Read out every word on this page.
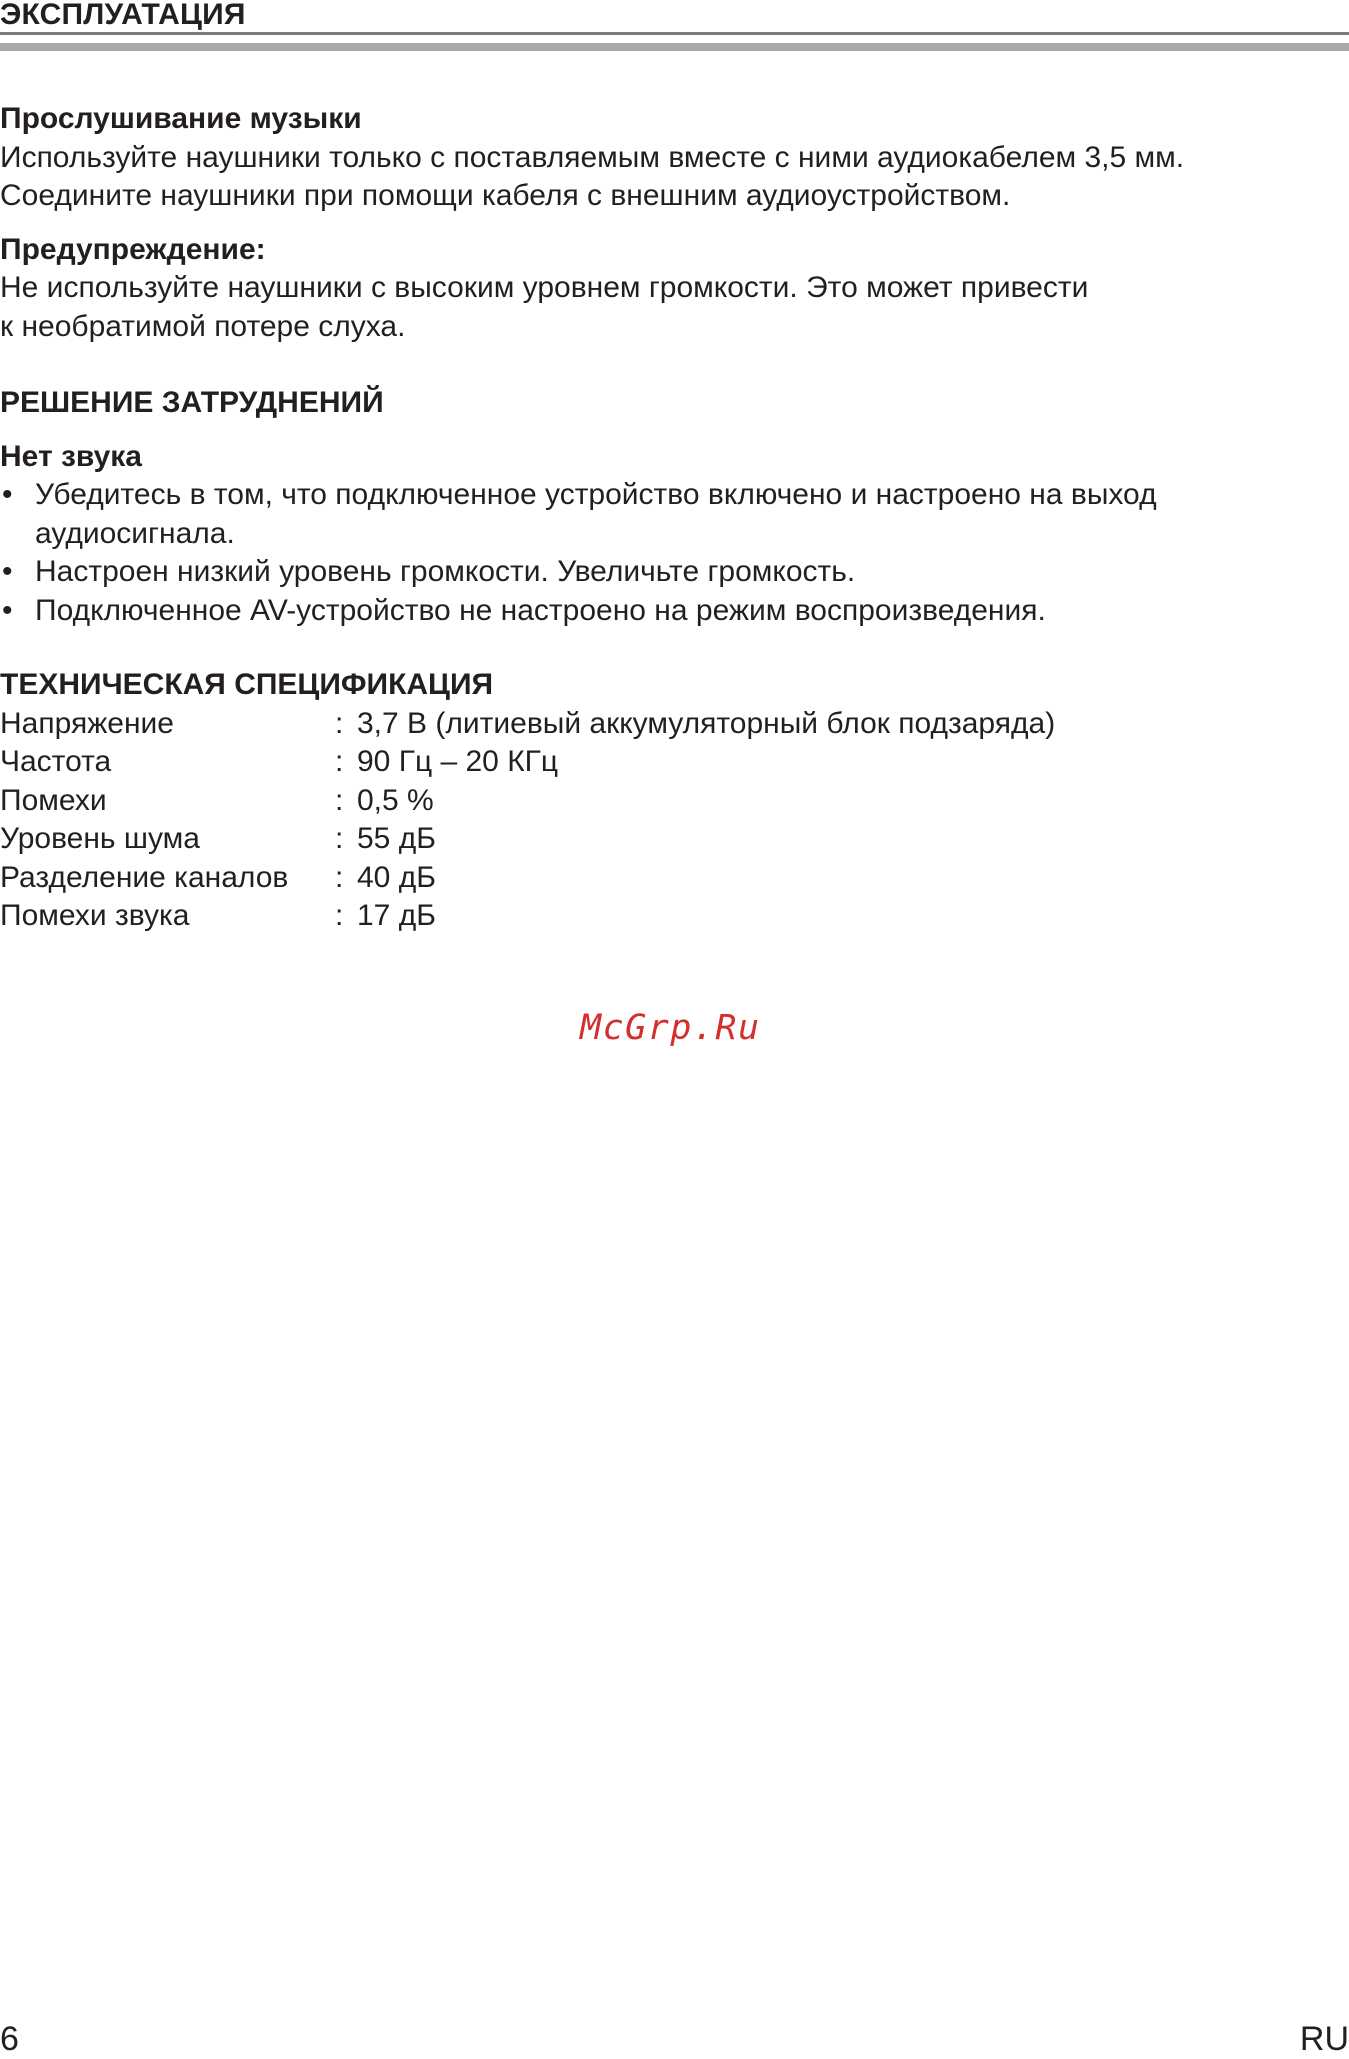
ЭКСПЛУАТАЦИЯ

Прослушивание музыки

Используйте наушники только с поставляемым вместе с ними аудиокабелем 3,5 мм.

Соедините наушники при помощи кабеля с внешним аудиоустройством.

Предупреждение:

Не используйте наушники с высоким уровнем громкости. Это может привести

к необратимой потере слуха.

РЕШЕНИЕ ЗАТРУДНЕНИЙ

Нет звука

• Убедитесь в том, что подключенное устройство включено и настроено на выход
аудиосигнала.
• Настроен низкий уровень громкости. Увеличьте громкость.
• Подключенное AV-устройство не настроено на режим воспроизведения.

ТЕХНИЧЕСКАЯ СПЕЦИФИКАЦИЯ

Напряжение	:	3,7 В (литиевый аккумуляторный блок подзаряда)
Частота	:	90 Гц – 20 КГц
Помехи	:	0,5 %
Уровень шума	:	55 дБ
Разделение каналов	:	40 дБ
Помехи звука	:	17 дБ
McGrp.Ru
6	RU
